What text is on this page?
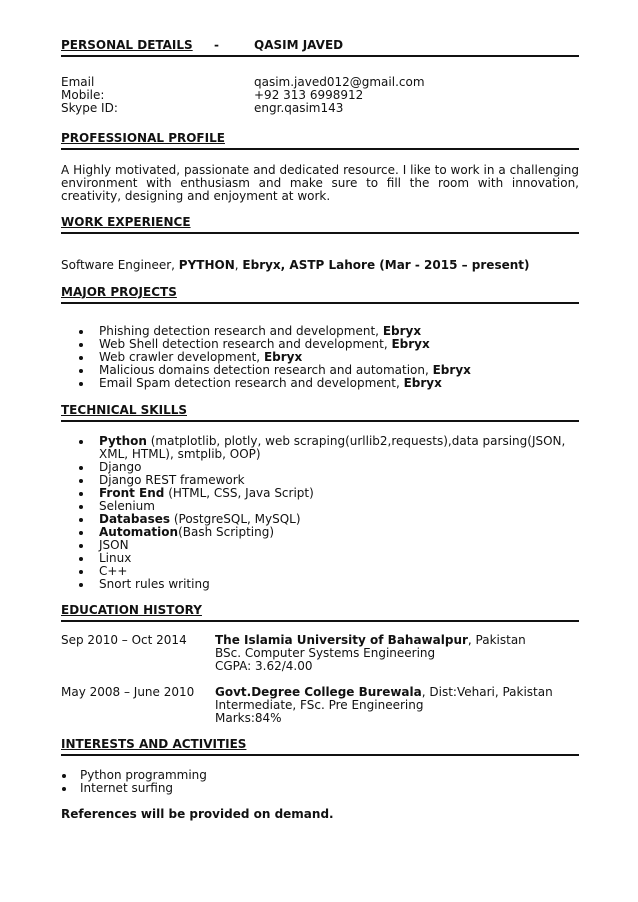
PERSONAL DETAILS -	QASIM JAVED
Email	qasim.javed012@gmail.com
Mobile:	+92 313 6998912
Skype ID:	engr.qasim143
PROFESSIONAL PROFILE
A Highly motivated, passionate and dedicated resource. I like to work in a challenging environment with enthusiasm and make sure to fill the room with innovation, creativity, designing and enjoyment at work.
WORK EXPERIENCE
Software Engineer, PYTHON, Ebryx, ASTP Lahore (Mar - 2015 – present)
MAJOR PROJECTS
Phishing detection research and development, Ebryx
Web Shell detection research and development, Ebryx
Web crawler development, Ebryx
Malicious domains detection research and automation, Ebryx
Email Spam detection research and development, Ebryx
TECHNICAL SKILLS
Python (matplotlib, plotly, web scraping(urllib2,requests),data parsing(JSON, XML, HTML), smtplib, OOP)
Django
Django REST framework
Front End (HTML, CSS, Java Script)
Selenium
Databases (PostgreSQL, MySQL)
Automation(Bash Scripting)
JSON
Linux
C++
Snort rules writing
EDUCATION HISTORY
Sep 2010 – Oct 2014 The Islamia University of Bahawalpur, Pakistan
BSc. Computer Systems Engineering
CGPA: 3.62/4.00
May 2008 – June 2010 Govt.Degree College Burewala, Dist:Vehari, Pakistan
Intermediate, FSc. Pre Engineering
Marks:84%
INTERESTS AND ACTIVITIES
Python programming
Internet surfing
References will be provided on demand.
